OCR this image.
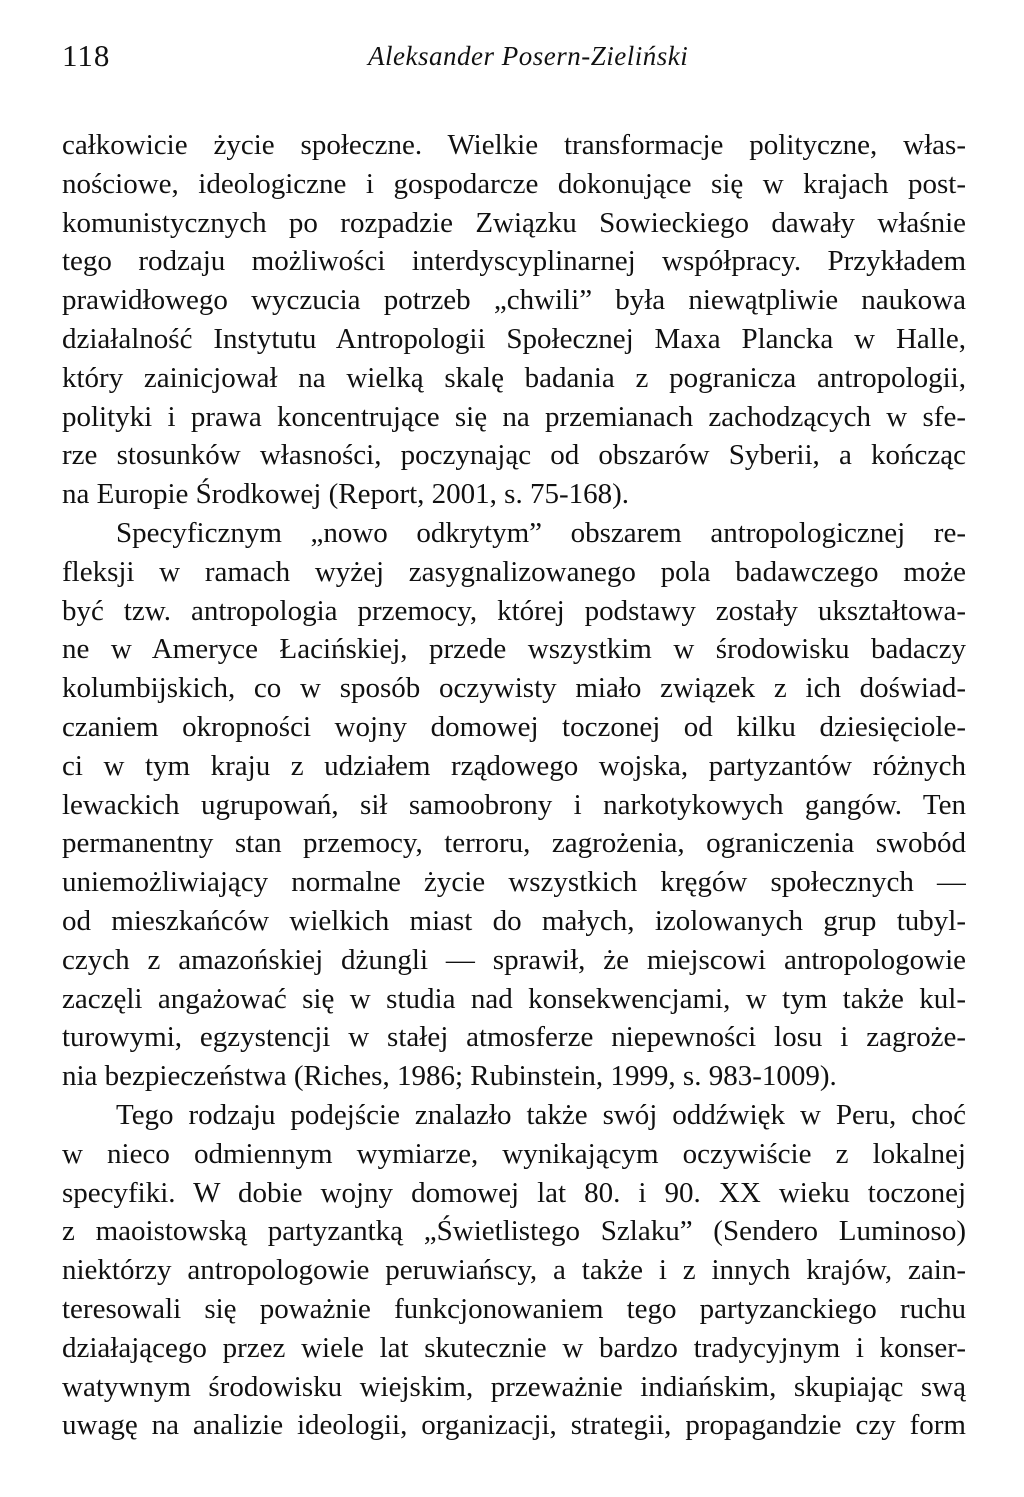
118	Aleksander Posern-Zieliński
całkowicie życie społeczne. Wielkie transformacje polityczne, włas-
nościowe, ideologiczne i gospodarcze dokonujące się w krajach post-
komunistycznych po rozpadzie Związku Sowieckiego dawały właśnie
tego rodzaju możliwości interdyscyplinarnej współpracy. Przykładem
prawidłowego wyczucia potrzeb „chwili” była niewątpliwie naukowa
działalność Instytutu Antropologii Społecznej Maxa Plancka w Halle,
który zainicjował na wielką skalę badania z pogranicza antropologii,
polityki i prawa koncentrujące się na przemianach zachodzących w sfe-
rze stosunków własności, poczynając od obszarów Syberii, a kończąc
na Europie Środkowej (Report, 2001, s. 75-168).
Specyficznym „nowo odkrytym” obszarem antropologicznej re-
fleksji w ramach wyżej zasygnalizowanego pola badawczego może
być tzw. antropologia przemocy, której podstawy zostały ukształtowa-
ne w Ameryce Łacińskiej, przede wszystkim w środowisku badaczy
kolumbijskich, co w sposób oczywisty miało związek z ich doświad-
czaniem okropności wojny domowej toczonej od kilku dziesięciole-
ci w tym kraju z udziałem rządowego wojska, partyzantów różnych
lewackich ugrupowań, sił samoobrony i narkotykowych gangów. Ten
permanentny stan przemocy, terroru, zagrożenia, ograniczenia swobód
uniemożliwiający normalne życie wszystkich kręgów społecznych —
od mieszkańców wielkich miast do małych, izolowanych grup tubyl-
czych z amazońskiej dżungli — sprawił, że miejscowi antropologowie
zaczęli angażować się w studia nad konsekwencjami, w tym także kul-
turowymi, egzystencji w stałej atmosferze niepewności losu i zagroże-
nia bezpieczeństwa (Riches, 1986; Rubinstein, 1999, s. 983-1009).
Tego rodzaju podejście znalazło także swój oddźwięk w Peru, choć
w nieco odmiennym wymiarze, wynikającym oczywiście z lokalnej
specyfiki. W dobie wojny domowej lat 80. i 90. XX wieku toczonej
z maoistowską partyzantką „Świetlistego Szlaku” (Sendero Luminoso)
niektórzy antropologowie peruwiańscy, a także i z innych krajów, zain-
teresowali się poważnie funkcjonowaniem tego partyzanckiego ruchu
działającego przez wiele lat skutecznie w bardzo tradycyjnym i konser-
watywnym środowisku wiejskim, przeważnie indiańskim, skupiając swą
uwagę na analizie ideologii, organizacji, strategii, propagandzie czy form
